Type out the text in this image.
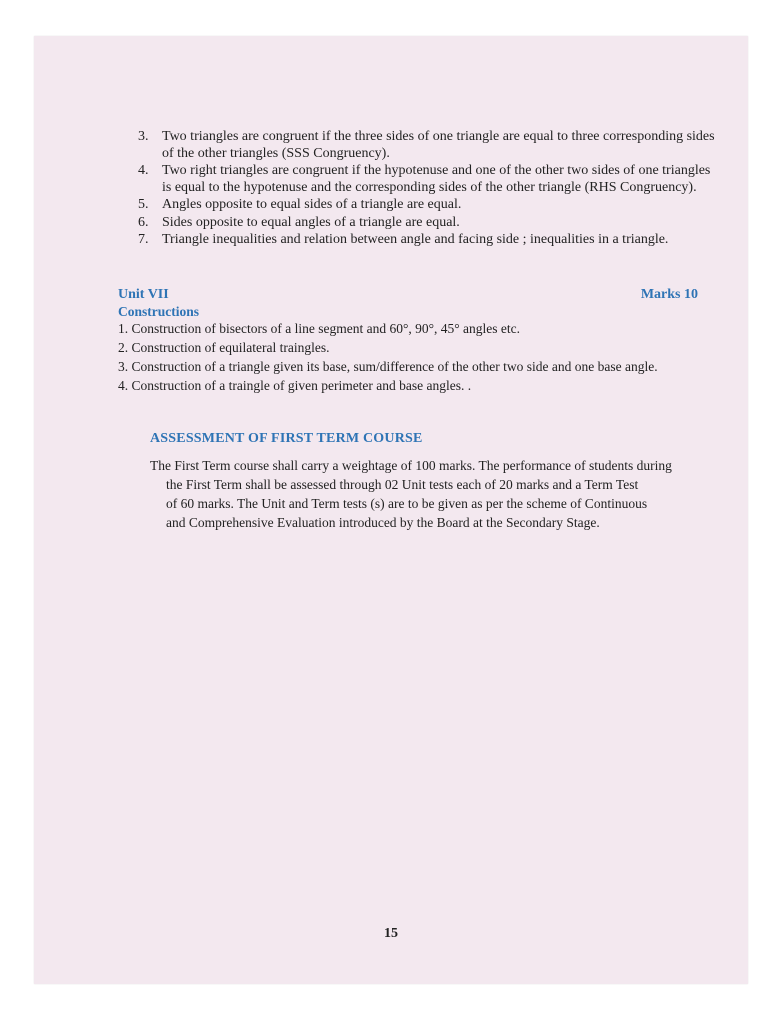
3. Two triangles are congruent if the three sides of one triangle are equal to three corresponding sides of the other triangles (SSS Congruency).
4. Two right triangles are congruent if the hypotenuse and one of the other two sides of one triangles is equal to the hypotenuse and the corresponding sides of the other triangle (RHS Congruency).
5. Angles opposite to equal sides of a triangle are equal.
6. Sides opposite to equal angles of a triangle are equal.
7. Triangle inequalities and relation between angle and facing side ; inequalities in a triangle.
Unit VII	Marks 10
Constructions
1. Construction of bisectors of a line segment and 60°, 90°, 45° angles etc.
2. Construction of equilateral traingles.
3. Construction of a triangle given its base, sum/difference of the other two side and one base angle.
4. Construction of a traingle of given perimeter and base angles. .
ASSESSMENT OF FIRST TERM COURSE
The First Term course shall carry a weightage of 100 marks. The performance of students during
the First Term shall be assessed through 02 Unit tests each of 20 marks and a Term Test
of 60 marks. The Unit and Term tests (s) are to be given as per the scheme of Continuous
and Comprehensive Evaluation introduced by the Board at the Secondary Stage.
15
